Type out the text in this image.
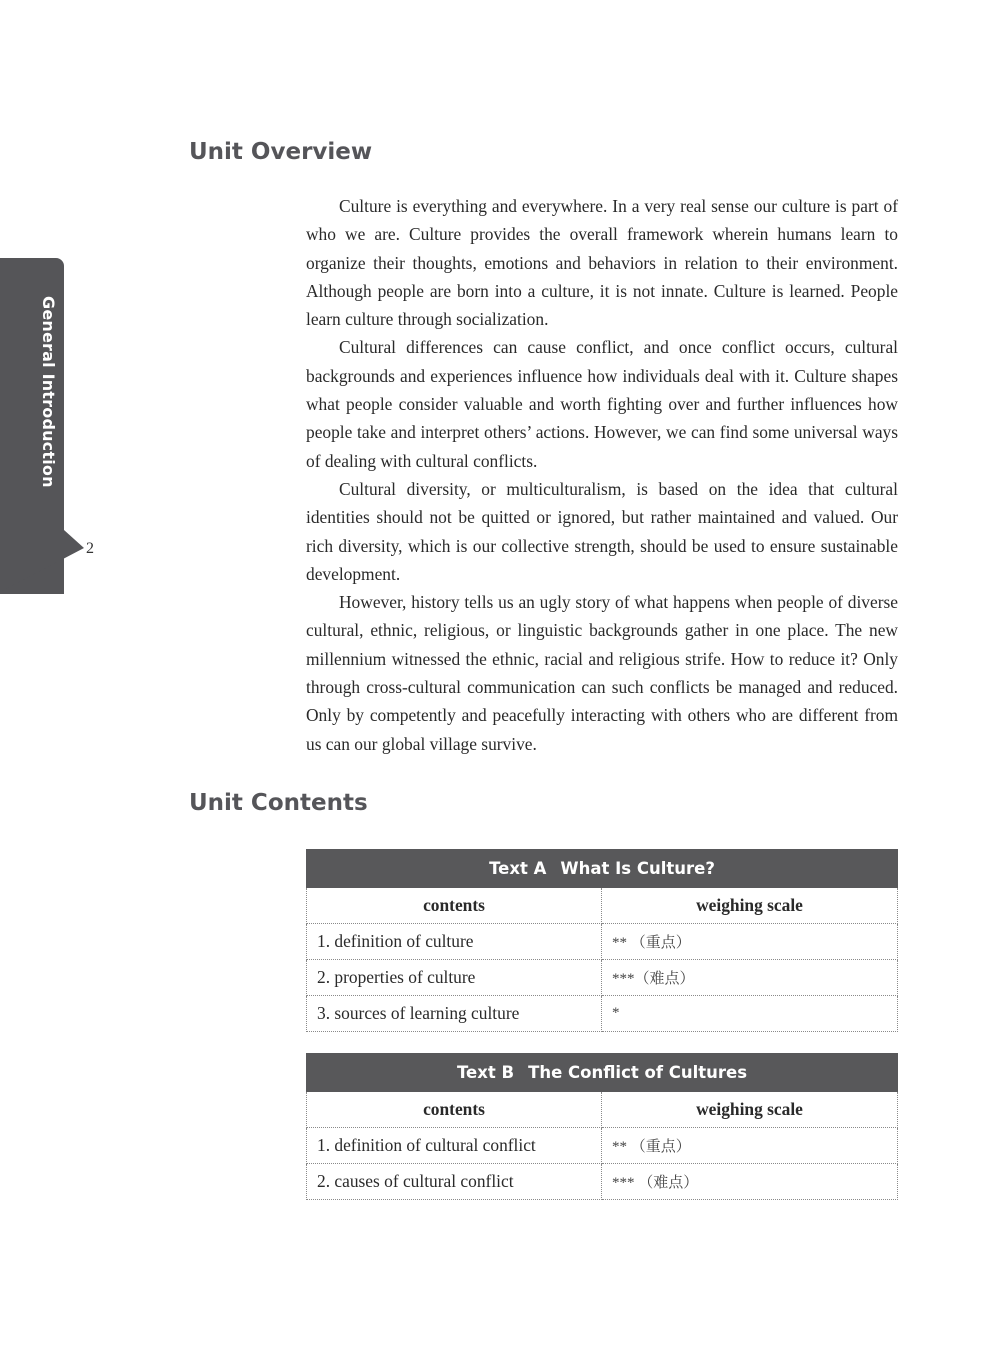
General Introduction
2
Unit Overview

Culture is everything and everywhere. In a very real sense our culture is part of who we are. Culture provides the overall framework wherein humans learn to organize their thoughts, emotions and behaviors in relation to their environment. Although people are born into a culture, it is not innate. Culture is learned. People learn culture through socialization.

Cultural differences can cause conflict, and once conflict occurs, cultural backgrounds and experiences influence how individuals deal with it. Culture shapes what people consider valuable and worth fighting over and further influences how people take and interpret others’ actions. However, we can find some universal ways of dealing with cultural conflicts.

Cultural diversity, or multiculturalism, is based on the idea that cultural identities should not be quitted or ignored, but rather maintained and valued. Our rich diversity, which is our collective strength, should be used to ensure sustainable development.

However, history tells us an ugly story of what happens when people of diverse cultural, ethnic, religious, or linguistic backgrounds gather in one place. The new millennium witnessed the ethnic, racial and religious strife. How to reduce it? Only through cross-cultural communication can such conflicts be managed and reduced. Only by competently and peacefully interacting with others who are different from us can our global village survive.

Unit Contents
Text A What Is Culture?	
contents	weighing scale
1. definition of culture	** （重点）
2. properties of culture	***（难点）
3. sources of learning culture	*
Text B The Conflict of Cultures	
contents	weighing scale
1. definition of cultural conflict	** （重点）
2. causes of cultural conflict	*** （难点）
